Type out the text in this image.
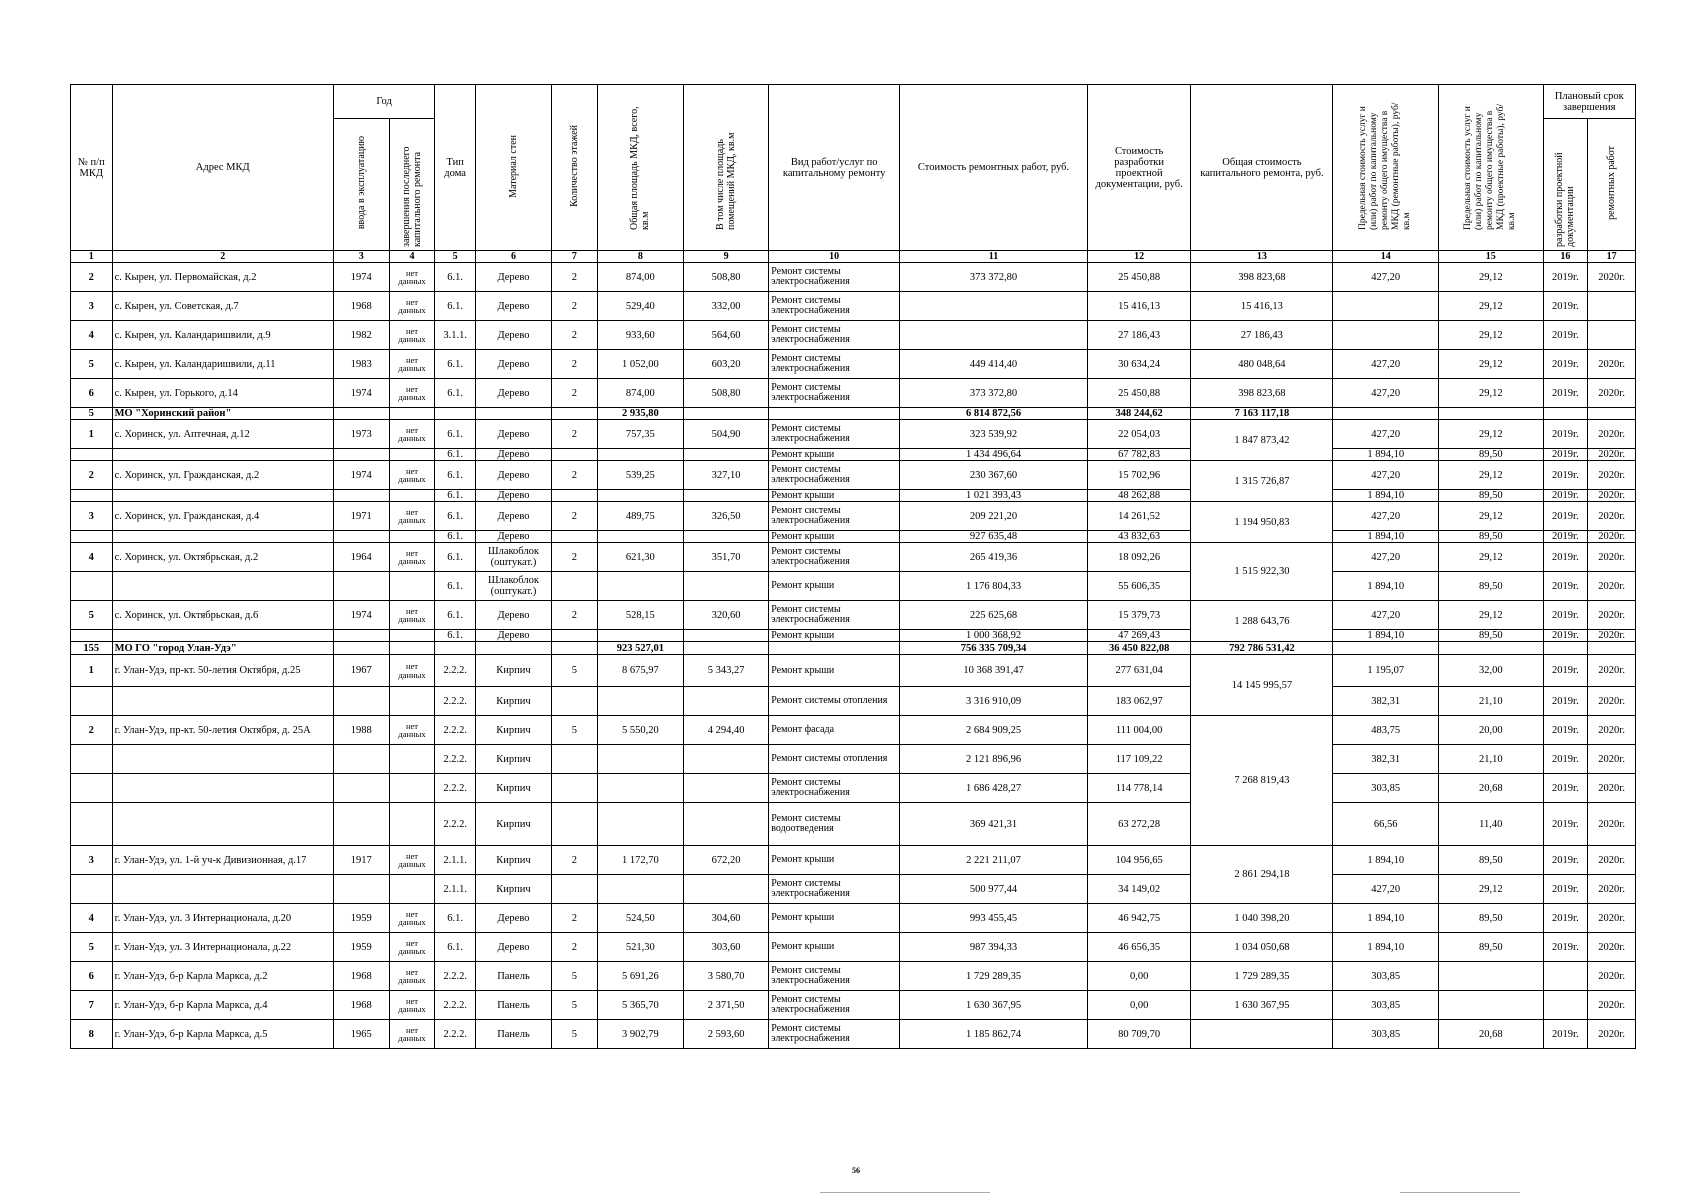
№ п/п МКД	Адрес МКД	Год		Тип дома	Материал стен	Количество этажей	Общая площадь МКД, всего, кв.м	В том числе площадь помещений МКД, кв.м	Вид работ/услуг по капитальному ремонту	Стоимость ремонтных работ, руб.	Стоимость разработки проектной документации, руб.	Общая стоимость капитального ремонта, руб.	Предельная стоимость услуг и (или) работ по капитальному ремонту общего имущества в МКД (ремонтные работы), руб/кв.м	Предельная стоимость услуг и (или) работ по капитальному ремонту общего имущества в МКД (проектные работы), руб/кв.м	Плановый срок завершения	
		ввода в эксплуатацию	завершения последнего капитального ремонта												разработки проектной документации	ремонтных работ
1	2	3	4	5	6	7	8	9	10	11	12	13	14	15	16	17
2	с. Кырен, ул. Первомайская, д.2	1974	нет данных	6.1.	Дерево	2	874,00	508,80	Ремонт системы электроснабжения	373 372,80	25 450,88	398 823,68	427,20	29,12	2019г.	2020г.
3	с. Кырен, ул. Советская, д.7	1968	нет данных	6.1.	Дерево	2	529,40	332,00	Ремонт системы электроснабжения		15 416,13	15 416,13		29,12	2019г.	
4	с. Кырен, ул. Каландаришвили, д.9	1982	нет данных	3.1.1.	Дерево	2	933,60	564,60	Ремонт системы электроснабжения		27 186,43	27 186,43		29,12	2019г.	
5	с. Кырен, ул. Каландаришвили, д.11	1983	нет данных	6.1.	Дерево	2	1 052,00	603,20	Ремонт системы электроснабжения	449 414,40	30 634,24	480 048,64	427,20	29,12	2019г.	2020г.
6	с. Кырен, ул. Горького, д.14	1974	нет данных	6.1.	Дерево	2	874,00	508,80	Ремонт системы электроснабжения	373 372,80	25 450,88	398 823,68	427,20	29,12	2019г.	2020г.
5	МО "Хоринский район"						2 935,80			6 814 872,56	348 244,62	7 163 117,18				
1	с. Хоринск, ул. Аптечная, д.12	1973	нет данных	6.1.	Дерево	2	757,35	504,90	Ремонт системы электроснабжения	323 539,92	22 054,03	1 847 873,42	427,20	29,12	2019г.	2020г.
				6.1.	Дерево				Ремонт крыши	1 434 496,64	67 782,83		1 894,10	89,50	2019г.	2020г.
2	с. Хоринск, ул. Гражданская, д.2	1974	нет данных	6.1.	Дерево	2	539,25	327,10	Ремонт системы электроснабжения	230 367,60	15 702,96	1 315 726,87	427,20	29,12	2019г.	2020г.
				6.1.	Дерево				Ремонт крыши	1 021 393,43	48 262,88		1 894,10	89,50	2019г.	2020г.
3	с. Хоринск, ул. Гражданская, д.4	1971	нет данных	6.1.	Дерево	2	489,75	326,50	Ремонт системы электроснабжения	209 221,20	14 261,52	1 194 950,83	427,20	29,12	2019г.	2020г.
				6.1.	Дерево				Ремонт крыши	927 635,48	43 832,63		1 894,10	89,50	2019г.	2020г.
4	с. Хоринск, ул. Октябрьская, д.2	1964	нет данных	6.1.	Шлакоблок (оштукат.)	2	621,30	351,70	Ремонт системы электроснабжения	265 419,36	18 092,26	1 515 922,30	427,20	29,12	2019г.	2020г.
				6.1.	Шлакоблок (оштукат.)				Ремонт крыши	1 176 804,33	55 606,35		1 894,10	89,50	2019г.	2020г.
5	с. Хоринск, ул. Октябрьская, д.6	1974	нет данных	6.1.	Дерево	2	528,15	320,60	Ремонт системы электроснабжения	225 625,68	15 379,73	1 288 643,76	427,20	29,12	2019г.	2020г.
				6.1.	Дерево				Ремонт крыши	1 000 368,92	47 269,43		1 894,10	89,50	2019г.	2020г.
155	МО ГО "город Улан-Удэ"						923 527,01			756 335 709,34	36 450 822,08	792 786 531,42				
1	г. Улан-Удэ, пр-кт. 50-летия Октября, д.25	1967	нет данных	2.2.2.	Кирпич	5	8 675,97	5 343,27	Ремонт крыши	10 368 391,47	277 631,04	14 145 995,57	1 195,07	32,00	2019г.	2020г.
				2.2.2.	Кирпич				Ремонт системы отопления	3 316 910,09	183 062,97		382,31	21,10	2019г.	2020г.
2	г. Улан-Удэ, пр-кт. 50-летия Октября, д. 25А	1988	нет данных	2.2.2.	Кирпич	5	5 550,20	4 294,40	Ремонт фасада	2 684 909,25	111 004,00	7 268 819,43	483,75	20,00	2019г.	2020г.
				2.2.2.	Кирпич				Ремонт системы отопления	2 121 896,96	117 109,22		382,31	21,10	2019г.	2020г.
				2.2.2.	Кирпич				Ремонт системы электроснабжения	1 686 428,27	114 778,14		303,85	20,68	2019г.	2020г.
				2.2.2.	Кирпич				Ремонт системы водоотведения	369 421,31	63 272,28		66,56	11,40	2019г.	2020г.
3	г. Улан-Удэ, ул. 1-й уч-к Дивизионная, д.17	1917	нет данных	2.1.1.	Кирпич	2	1 172,70	672,20	Ремонт крыши	2 221 211,07	104 956,65	2 861 294,18	1 894,10	89,50	2019г.	2020г.
				2.1.1.	Кирпич				Ремонт системы электроснабжения	500 977,44	34 149,02		427,20	29,12	2019г.	2020г.
4	г. Улан-Удэ, ул. 3 Интернационала, д.20	1959	нет данных	6.1.	Дерево	2	524,50	304,60	Ремонт крыши	993 455,45	46 942,75	1 040 398,20	1 894,10	89,50	2019г.	2020г.
5	г. Улан-Удэ, ул. 3 Интернационала, д.22	1959	нет данных	6.1.	Дерево	2	521,30	303,60	Ремонт крыши	987 394,33	46 656,35	1 034 050,68	1 894,10	89,50	2019г.	2020г.
6	г. Улан-Удэ, б-р Карла Маркса, д.2	1968	нет данных	2.2.2.	Панель	5	5 691,26	3 580,70	Ремонт системы электроснабжения	1 729 289,35	0,00	1 729 289,35	303,85			2020г.
7	г. Улан-Удэ, б-р Карла Маркса, д.4	1968	нет данных	2.2.2.	Панель	5	5 365,70	2 371,50	Ремонт системы электроснабжения	1 630 367,95	0,00	1 630 367,95	303,85			2020г.
8	г. Улан-Удэ, б-р Карла Маркса, д.5	1965	нет данных	2.2.2.	Панель	5	3 902,79	2 593,60	Ремонт системы электроснабжения	1 185 862,74	80 709,70		303,85	20,68	2019г.	2020г.
56
